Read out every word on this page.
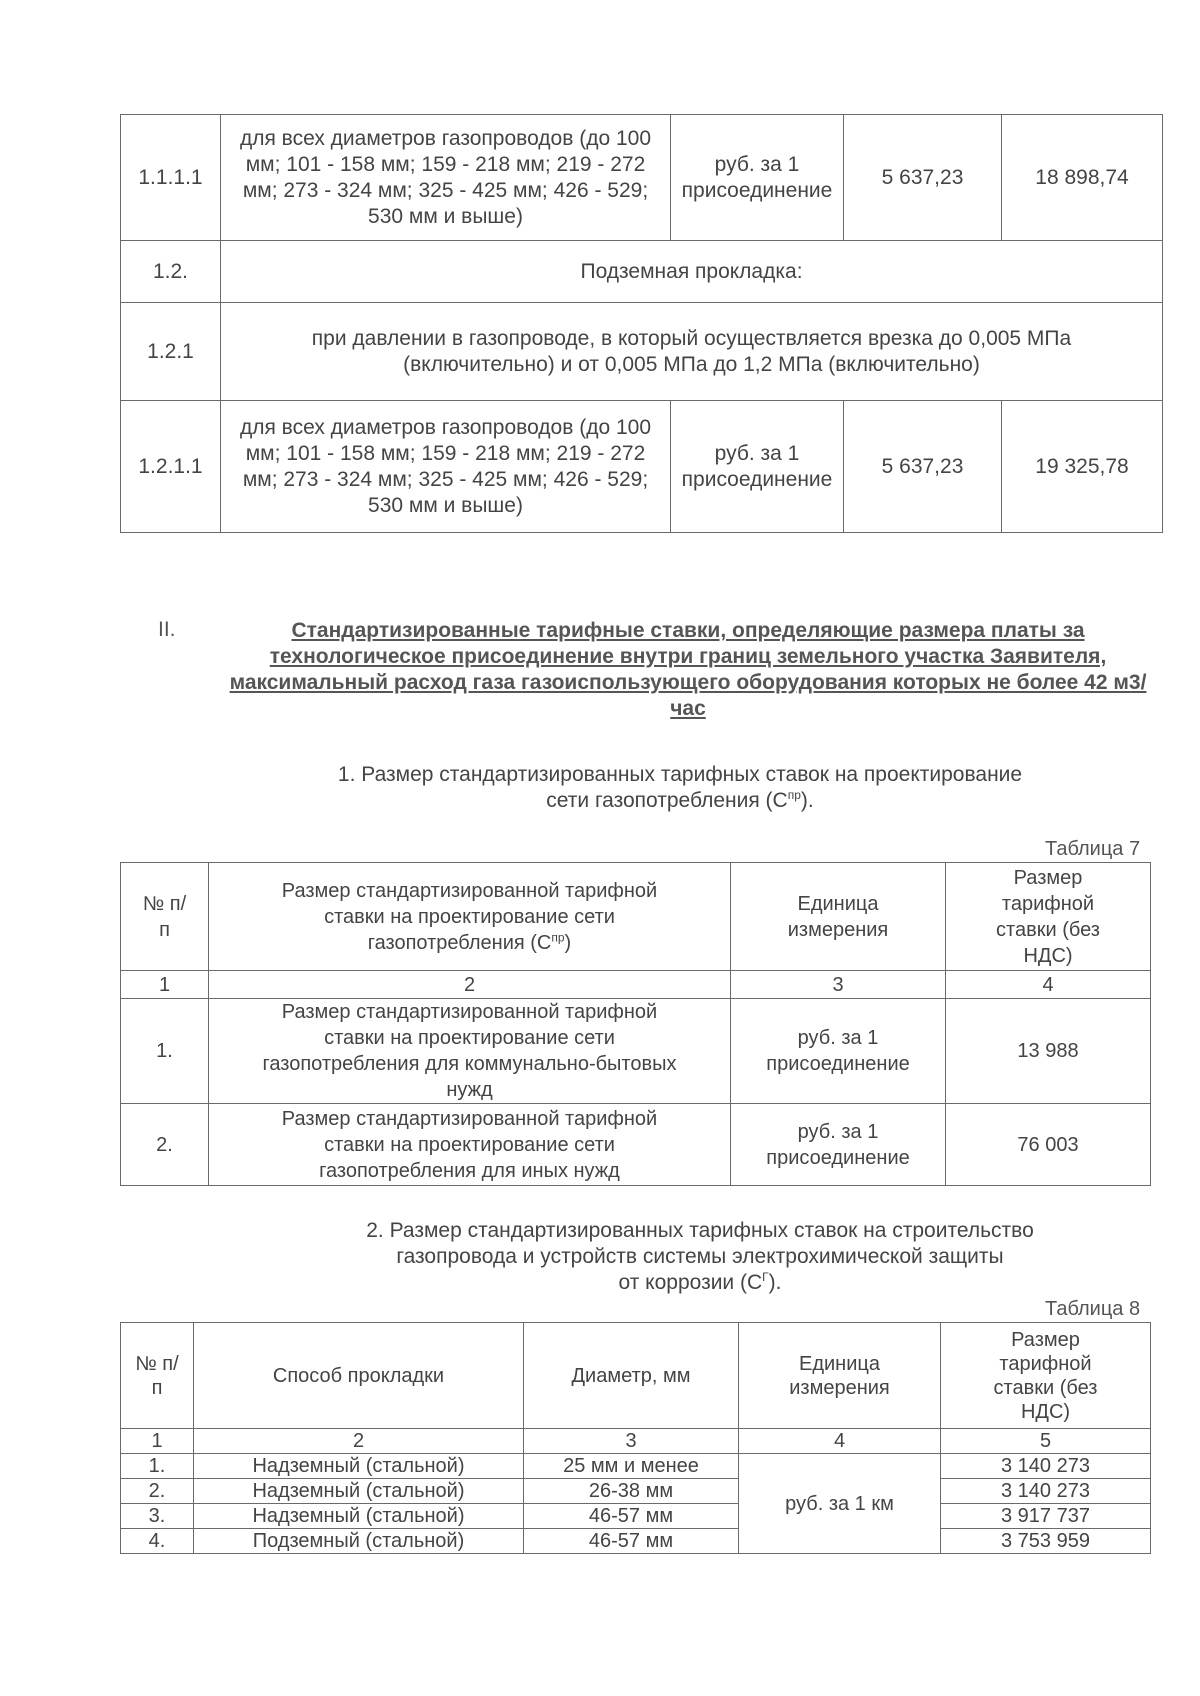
1.1.1.1	для всех диаметров газопроводов (до 100 мм; 101 - 158 мм; 159 - 218 мм; 219 - 272 мм; 273 - 324 мм; 325 - 425 мм; 426 - 529; 530 мм и выше)	руб. за 1 присоединение	5 637,23	18 898,74
1.2.	Подземная прокладка:			
1.2.1	при давлении в газопроводе, в который осуществляется врезка до 0,005 МПа (включительно) и от 0,005 МПа до 1,2 МПа (включительно)			
1.2.1.1	для всех диаметров газопроводов (до 100 мм; 101 - 158 мм; 159 - 218 мм; 219 - 272 мм; 273 - 324 мм; 325 - 425 мм; 426 - 529; 530 мм и выше)	руб. за 1 присоединение	5 637,23	19 325,78
II.	Стандартизированные тарифные ставки, определяющие размера платы за технологическое присоединение внутри границ земельного участка Заявителя, максимальный расход газа газоиспользующего оборудования которых не более 42 м3/час
1. Размер стандартизированных тарифных ставок на проектирование
сети газопотребления $(С^{пр})$.
Таблица 7
№ п/п	Размер стандартизированной тарифной ставки на проектирование сети газопотребления $(С^{пр})$	Единица измерения	Размер тарифной ставки (без НДС)
1	2	3	4
1.	Размер стандартизированной тарифной ставки на проектирование сети газопотребления для коммунально-бытовых нужд	руб. за 1 присоединение	13 988
2.	Размер стандартизированной тарифной ставки на проектирование сети газопотребления для иных нужд	руб. за 1 присоединение	76 003
2. Размер стандартизированных тарифных ставок на строительство
газопровода и устройств системы электрохимической защиты
от коррозии $(С^Г)$.
Таблица 8
№ п/п	Способ прокладки	Диаметр, мм	Единица измерения	Размер тарифной ставки (без НДС)
1	2	3	4	5
1.	Надземный (стальной)	25 мм и менее	руб. за 1 км	3 140 273
2.	Надземный (стальной)	26-38 мм		3 140 273
3.	Надземный (стальной)	46-57 мм		3 917 737
4.	Подземный (стальной)	46-57 мм		3 753 959
